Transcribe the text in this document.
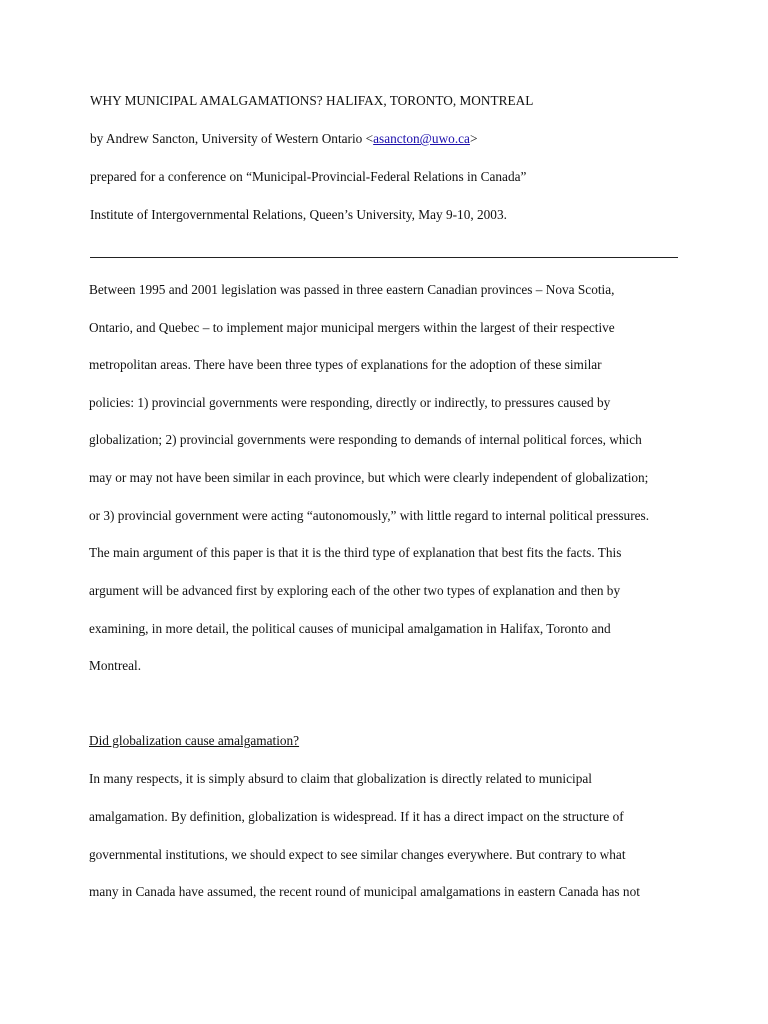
WHY MUNICIPAL AMALGAMATIONS? HALIFAX, TORONTO, MONTREAL
by Andrew Sancton, University of Western Ontario <asancton@uwo.ca>
prepared for a conference on “Municipal-Provincial-Federal Relations in Canada”
Institute of Intergovernmental Relations, Queen’s University, May 9-10, 2003.
Between 1995 and 2001 legislation was passed in three eastern Canadian provinces – Nova Scotia,
Ontario, and Quebec – to implement major municipal mergers within the largest of their respective
metropolitan areas. There have been three types of explanations for the adoption of these similar
policies: 1) provincial governments were responding, directly or indirectly, to pressures caused by
globalization; 2) provincial governments were responding to demands of internal political forces, which
may or may not have been similar in each province, but which were clearly independent of globalization;
or 3) provincial government were acting “autonomously,” with little regard to internal political pressures.
The main argument of this paper is that it is the third type of explanation that best fits the facts. This
argument will be advanced first by exploring each of the other two types of explanation and then by
examining, in more detail, the political causes of municipal amalgamation in Halifax, Toronto and
Montreal.
Did globalization cause amalgamation?
In many respects, it is simply absurd to claim that globalization is directly related to municipal
amalgamation. By definition, globalization is widespread. If it has a direct impact on the structure of
governmental institutions, we should expect to see similar changes everywhere. But contrary to what
many in Canada have assumed, the recent round of municipal amalgamations in eastern Canada has not
